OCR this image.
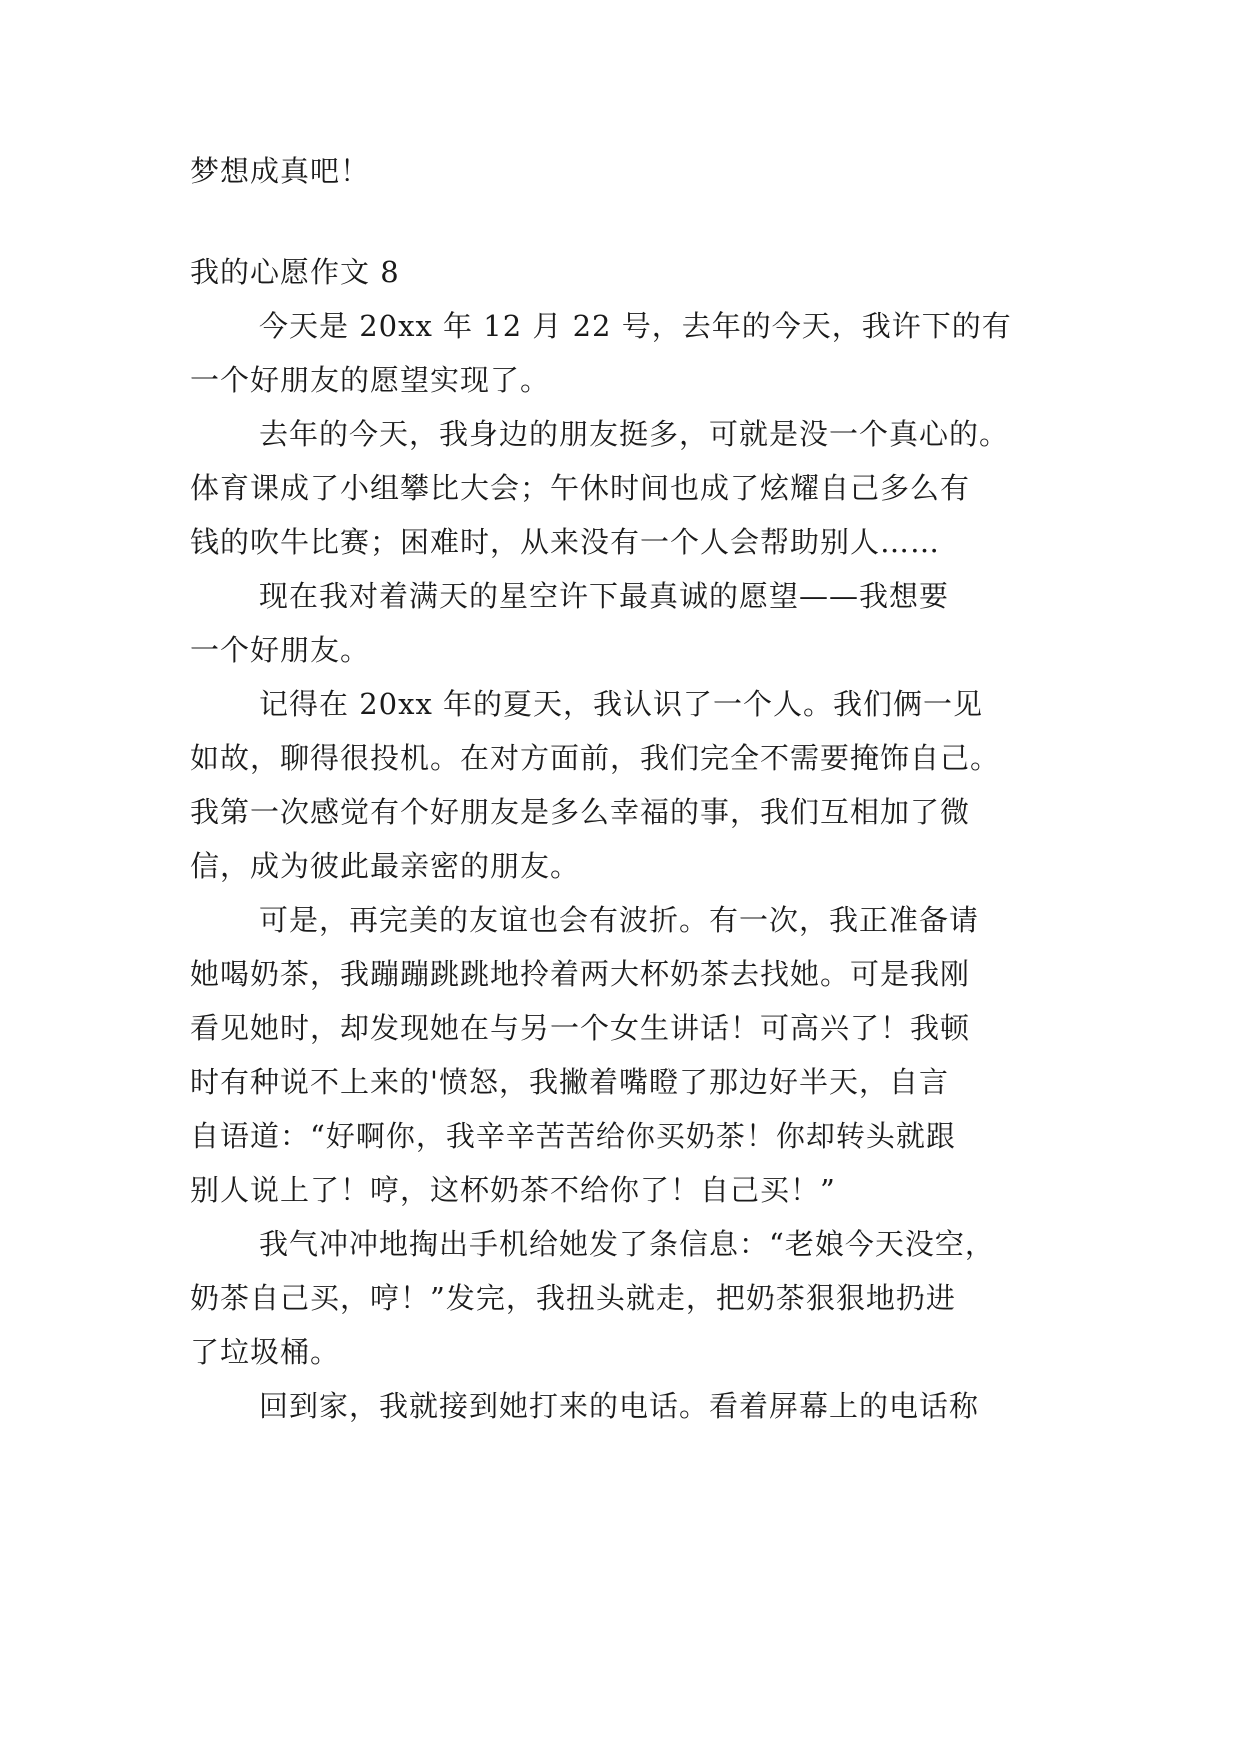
梦想成真吧！
我的心愿作文 8
今天是 20xx 年 12 月 22 号，去年的今天，我许下的有
一个好朋友的愿望实现了。
去年的今天，我身边的朋友挺多，可就是没一个真心的。
体育课成了小组攀比大会；午休时间也成了炫耀自己多么有
钱的吹牛比赛；困难时，从来没有一个人会帮助别人……
现在我对着满天的星空许下最真诚的愿望——我想要
一个好朋友。
记得在 20xx 年的夏天，我认识了一个人。我们俩一见
如故，聊得很投机。在对方面前，我们完全不需要掩饰自己。
我第一次感觉有个好朋友是多么幸福的事，我们互相加了微
信，成为彼此最亲密的朋友。
可是，再完美的友谊也会有波折。有一次，我正准备请
她喝奶茶，我蹦蹦跳跳地拎着两大杯奶茶去找她。可是我刚
看见她时，却发现她在与另一个女生讲话！可高兴了！我顿
时有种说不上来的'愤怒，我撇着嘴瞪了那边好半天，自言
自语道：“好啊你，我辛辛苦苦给你买奶茶！你却转头就跟
别人说上了！哼，这杯奶茶不给你了！自己买！”
我气冲冲地掏出手机给她发了条信息：“老娘今天没空，
奶茶自己买，哼！”发完，我扭头就走，把奶茶狠狠地扔进
了垃圾桶。
回到家，我就接到她打来的电话。看着屏幕上的电话称
